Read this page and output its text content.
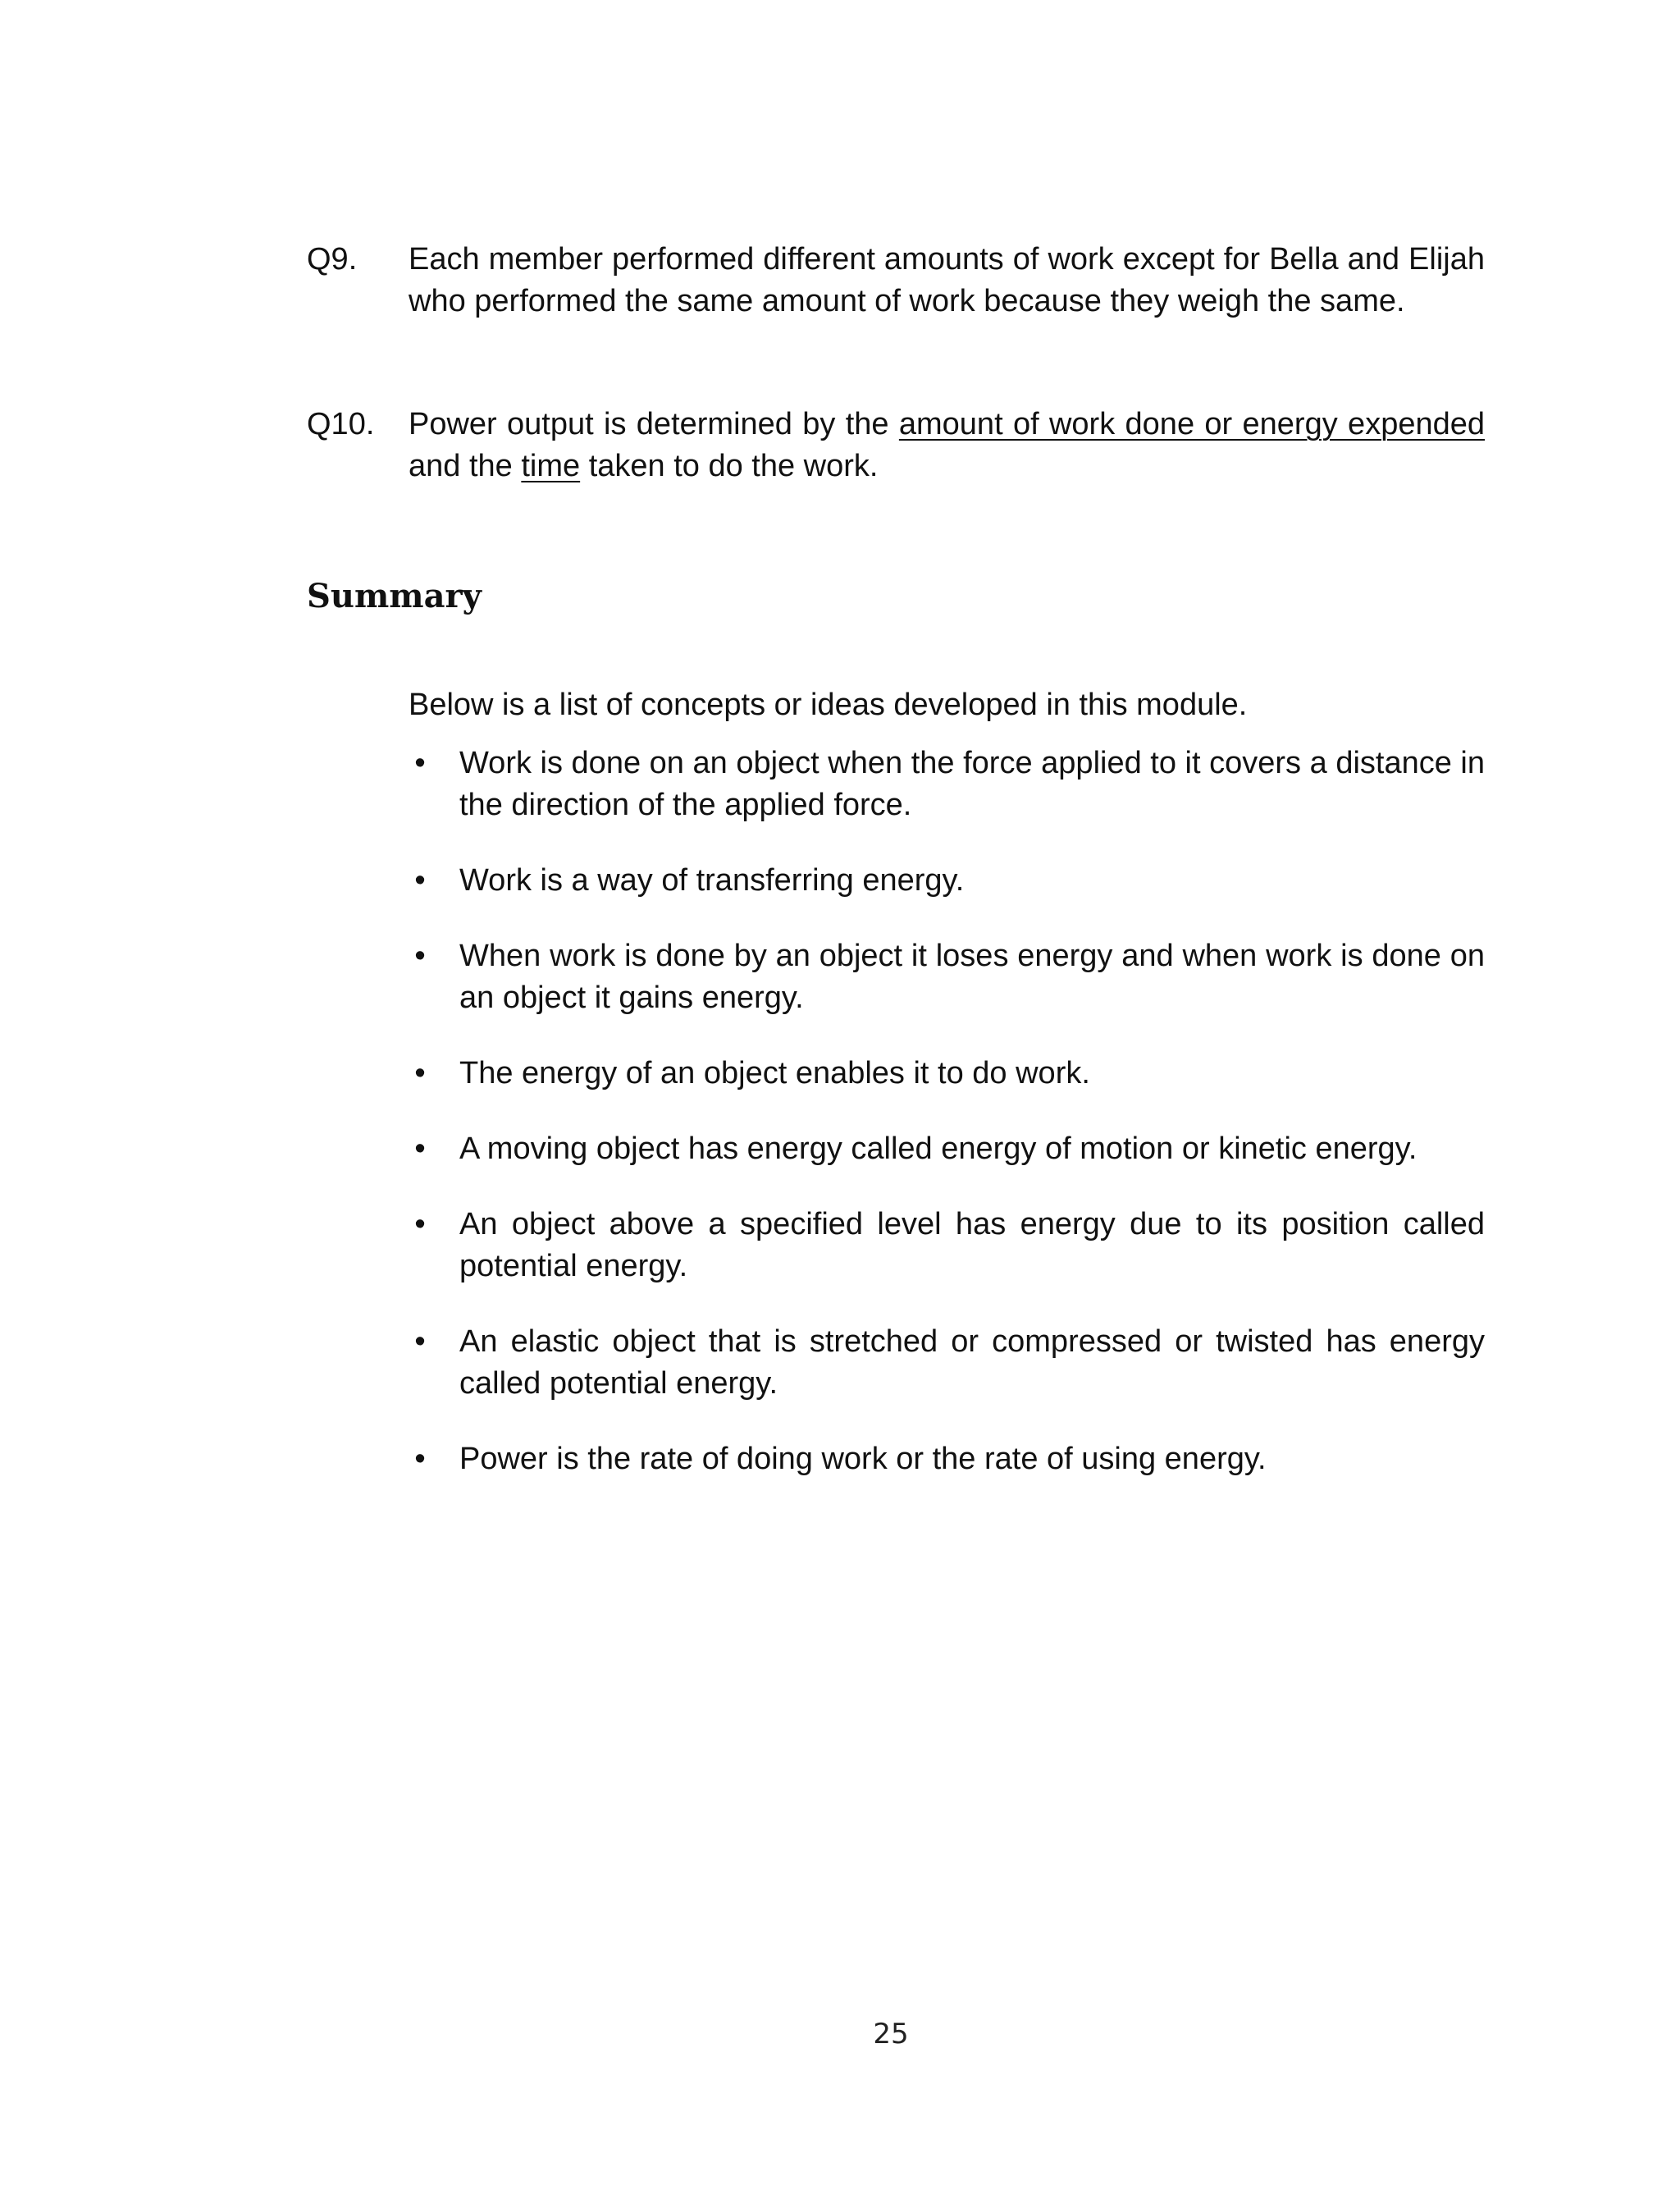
Q9. Each member performed different amounts of work except for Bella and Elijah who performed the same amount of work because they weigh the same.
Q10. Power output is determined by the amount of work done or energy expended and the time taken to do the work.
Summary
Below is a list of concepts or ideas developed in this module.
• Work is done on an object when the force applied to it covers a distance in the direction of the applied force.
• Work is a way of transferring energy.
• When work is done by an object it loses energy and when work is done on an object it gains energy.
• The energy of an object enables it to do work.
• A moving object has energy called energy of motion or kinetic energy.
• An object above a specified level has energy due to its position called potential energy.
• An elastic object that is stretched or compressed or twisted has energy called potential energy.
• Power is the rate of doing work or the rate of using energy.
25
